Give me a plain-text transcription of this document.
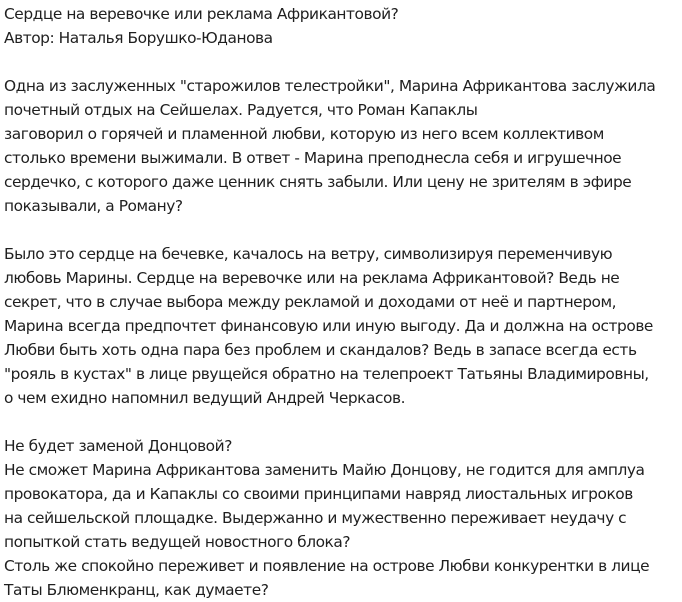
Сердце на веревочке или реклама Африкантовой?
Автор: Наталья Борушко-Юданова
Одна из заслуженных "старожилов телестройки", Марина Африкантова заслужила
почетный отдых на Сейшелах. Радуется, что Роман Капаклы
заговорил о горячей и пламенной любви, которую из него всем коллективом
столько времени выжимали. В ответ - Марина преподнесла себя и игрушечное
сердечко, с которого даже ценник снять забыли. Или цену не зрителям в эфире
показывали, а Роману?
Было это сердце на бечевке, качалось на ветру, символизируя переменчивую
любовь Марины. Сердце на веревочке или на реклама Африкантовой? Ведь не
секрет, что в случае выбора между рекламой и доходами от неё и партнером,
Марина всегда предпочтет финансовую или иную выгоду. Да и должна на острове
Любви быть хоть одна пара без проблем и скандалов? Ведь в запасе всегда есть
"рояль в кустах" в лице рвущейся обратно на телепроект Татьяны Владимировны,
о чем ехидно напомнил ведущий Андрей Черкасов.
Не будет заменой Донцовой?
Не сможет Марина Африкантова заменить Майю Донцову, не годится для амплуа
провокатора, да и Капаклы со своими принципами навряд лиостальных игроков
на сейшельской площадке. Выдержанно и мужественно переживает неудачу с
попыткой стать ведущей новостного блока?
Столь же спокойно переживет и появление на острове Любви конкурентки в лице
Таты Блюменкранц, как думаете?
